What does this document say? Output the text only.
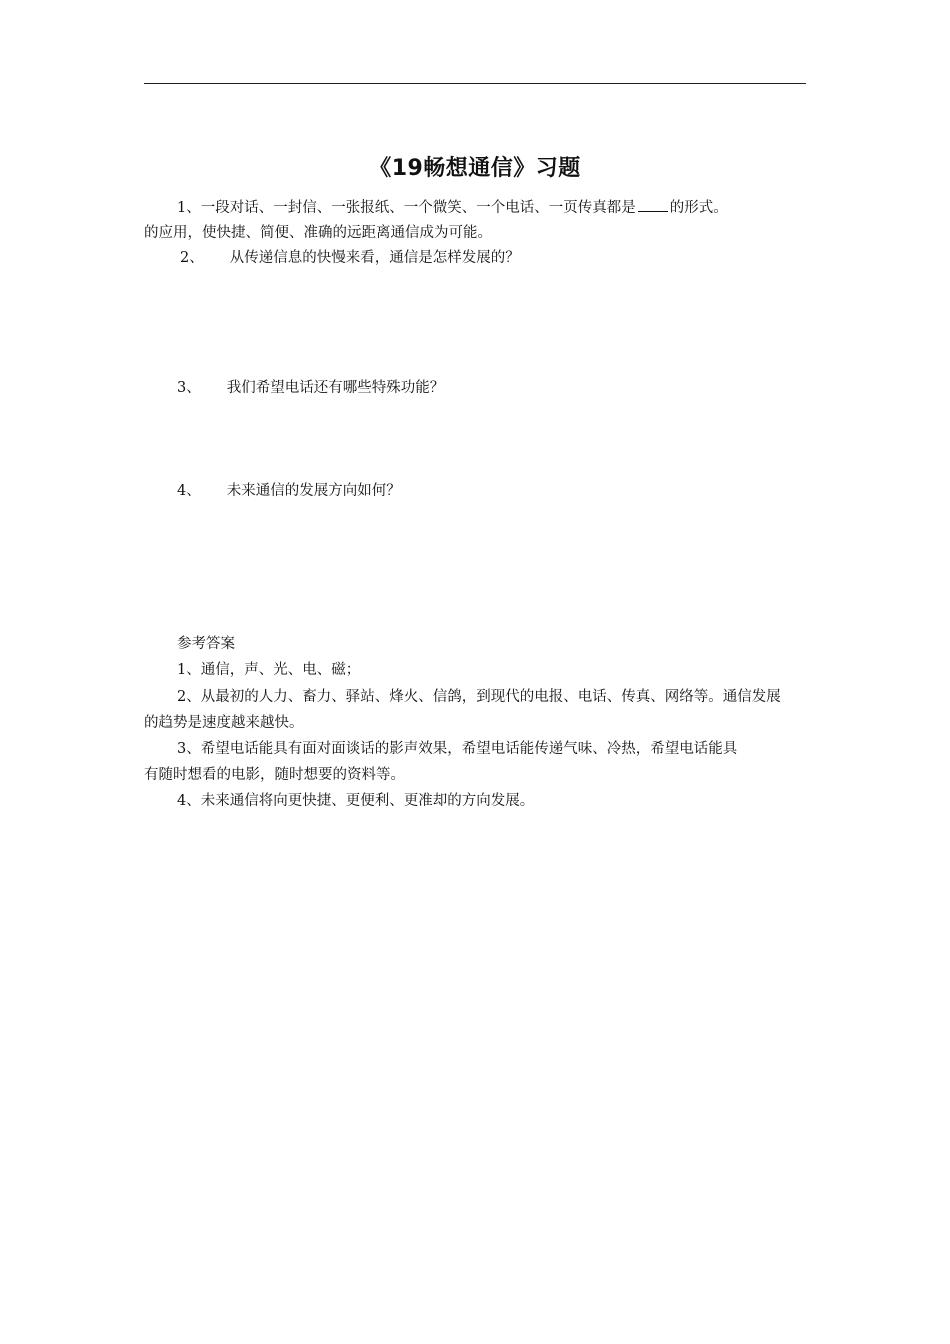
《19畅想通信》习题
1、一段对话、一封信、一张报纸、一个微笑、一个电话、一页传真都是 的形式。
的应用，使快捷、简便、准确的远距离通信成为可能。
2、 从传递信息的快慢来看，通信是怎样发展的？
3、 我们希望电话还有哪些特殊功能？
4、 未来通信的发展方向如何？
参考答案
1、通信，声、光、电、磁；
2、从最初的人力、畜力、驿站、烽火、信鸽，到现代的电报、电话、传真、网络等。通信发展
的趋势是速度越来越快。
3、希望电话能具有面对面谈话的影声效果，希望电话能传递气味、冷热，希望电话能具
有随时想看的电影，随时想要的资料等。
4、未来通信将向更快捷、更便利、更准却的方向发展。
